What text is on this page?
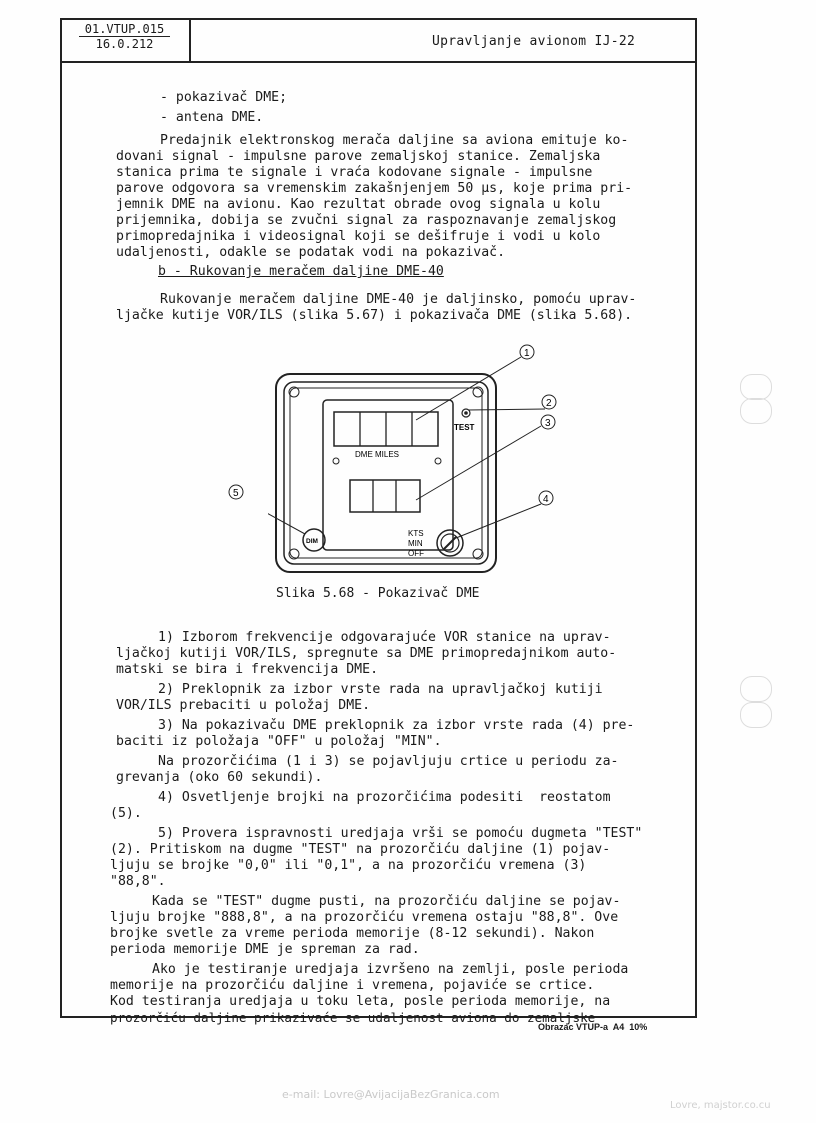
01.VTUP.015
16.0.212	Upravljanje avionom IJ-22
- pokazivač DME;
- antena DME.
Predajnik elektronskog merača daljine sa aviona emituje ko-
dovani signal - impulsne parove zemaljskoj stanice. Zemaljska
stanica prima te signale i vraća kodovane signale - impulsne
parove odgovora sa vremenskim zakašnjenjem 50 µs, koje prima pri-
jemnik DME na avionu. Kao rezultat obrade ovog signala u kolu
prijemnika, dobija se zvučni signal za raspoznavanje zemaljskog
primopredajnika i videosignal koji se dešifruje i vodi u kolo
udaljenosti, odakle se podatak vodi na pokazivač.
b - Rukovanje meračem daljine DME-40
Rukovanje meračem daljine DME-40 je daljinsko, pomoću uprav-
ljačke kutije VOR/ILS (slika 5.67) i pokazivača DME (slika 5.68).
DME MILES
TEST
DIM
KTS
MIN
OFF
1
2
3
4
5
Slika 5.68 - Pokazivač DME
1) Izborom frekvencije odgovarajuće VOR stanice na uprav-
ljačkoj kutiji VOR/ILS, spregnute sa DME primopredajnikom auto-
matski se bira i frekvencija DME.
2) Preklopnik za izbor vrste rada na upravljačkoj kutiji
VOR/ILS prebaciti u položaj DME.
3) Na pokazivaču DME preklopnik za izbor vrste rada (4) pre-
baciti iz položaja "OFF" u položaj "MIN".
Na prozorčićima (1 i 3) se pojavljuju crtice u periodu za-
grevanja (oko 60 sekundi).
4) Osvetljenje brojki na prozorčićima podesiti  reostatom
(5).
5) Provera ispravnosti uredjaja vrši se pomoću dugmeta "TEST"
(2). Pritiskom na dugme "TEST" na prozorčiću daljine (1) pojav-
ljuju se brojke "0,0" ili "0,1", a na prozorčiću vremena (3)
"88,8".
Kada se "TEST" dugme pusti, na prozorčiću daljine se pojav-
ljuju brojke "888,8", a na prozorčiću vremena ostaju "88,8". Ove
brojke svetle za vreme perioda memorije (8-12 sekundi). Nakon
perioda memorije DME je spreman za rad.
Ako je testiranje uredjaja izvršeno na zemlji, posle perioda
memorije na prozorčiću daljine i vremena, pojaviće se crtice.
Kod testiranja uredjaja u toku leta, posle perioda memorije, na
prozorčiću daljine prikazivaće se udaljenost aviona do zemaljske
Obrazac VTUP-a  A4  10%
e-mail: Lovre@AvijacijaBezGranica.com
Lovre, majstor.co.cu
